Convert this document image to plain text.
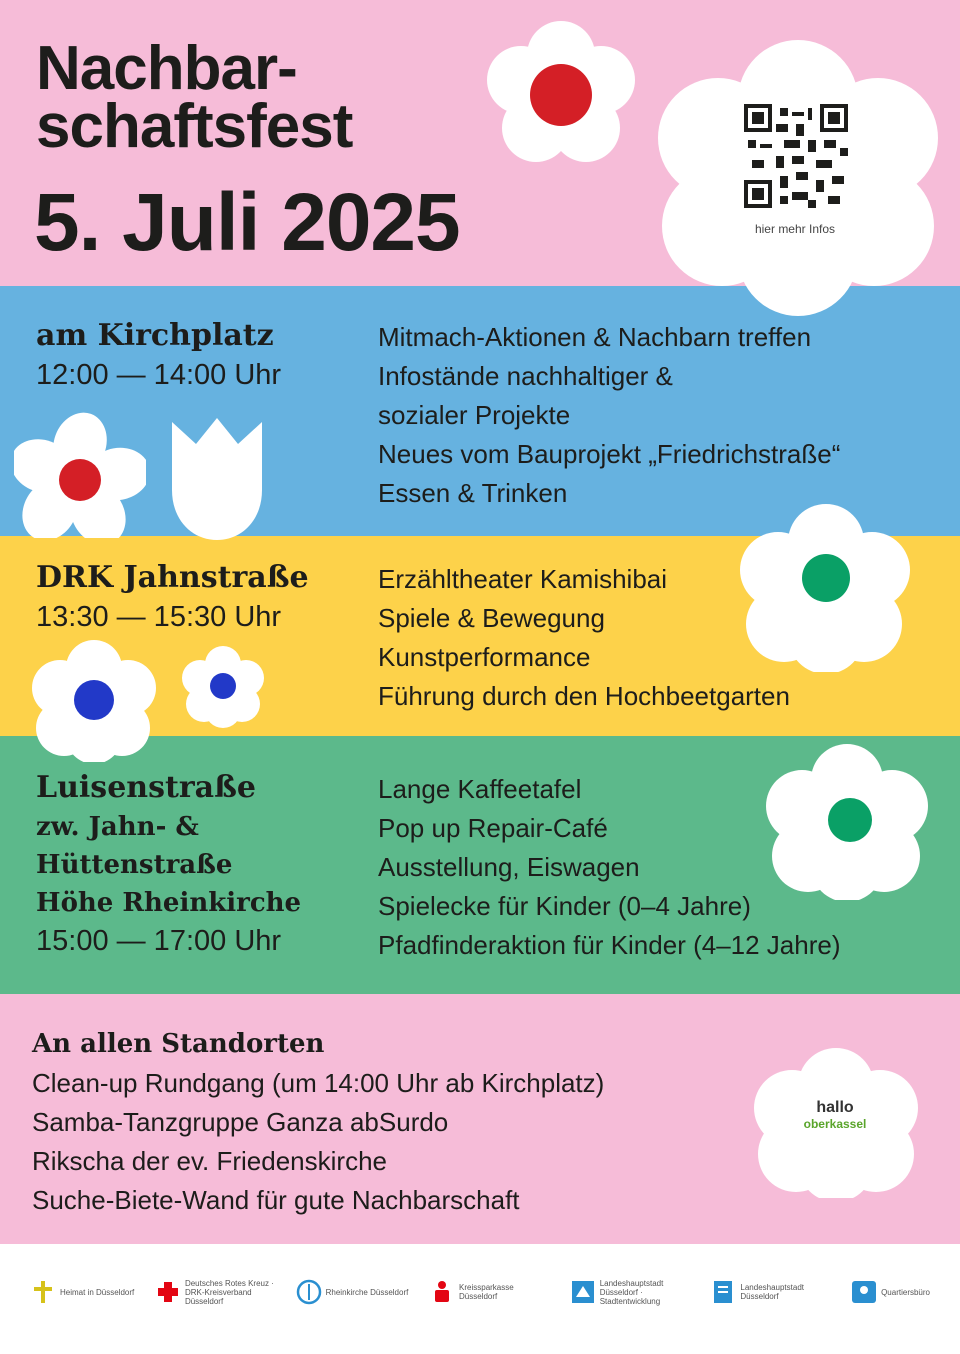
hier mehr Infos
hallo
oberkassel
Nachbar-
schaftsfest
5. Juli 2025
am Kirchplatz
12:00 — 14:00 Uhr
Mitmach-Aktionen & Nachbarn treffen
Infostände nachhaltiger &
sozialer Projekte
Neues vom Bauprojekt „Friedrichstraße“
Essen & Trinken
DRK Jahnstraße
13:30 — 15:30 Uhr
Erzähltheater Kamishibai
Spiele & Bewegung
Kunstperformance
Führung durch den Hochbeetgarten
Luisenstraße
zw. Jahn- &
Hüttenstraße
Höhe Rheinkirche
15:00 — 17:00 Uhr
Lange Kaffeetafel
Pop up Repair-Café
Ausstellung, Eiswagen
Spielecke für Kinder (0–4 Jahre)
Pfadfinderaktion für Kinder (4–12 Jahre)
An allen Standorten
Clean-up Rundgang (um 14:00 Uhr ab Kirchplatz)
Samba-Tanzgruppe Ganza abSurdo
Rikscha der ev. Friedenskirche
Suche-Biete-Wand für gute Nachbarschaft
Heimat in Düsseldorf
Deutsches Rotes Kreuz · DRK-Kreisverband Düsseldorf
Rheinkirche Düsseldorf	Kreissparkasse Düsseldorf
Landeshauptstadt Düsseldorf · Stadtentwicklung
Landeshauptstadt Düsseldorf	Quartiersbüro
